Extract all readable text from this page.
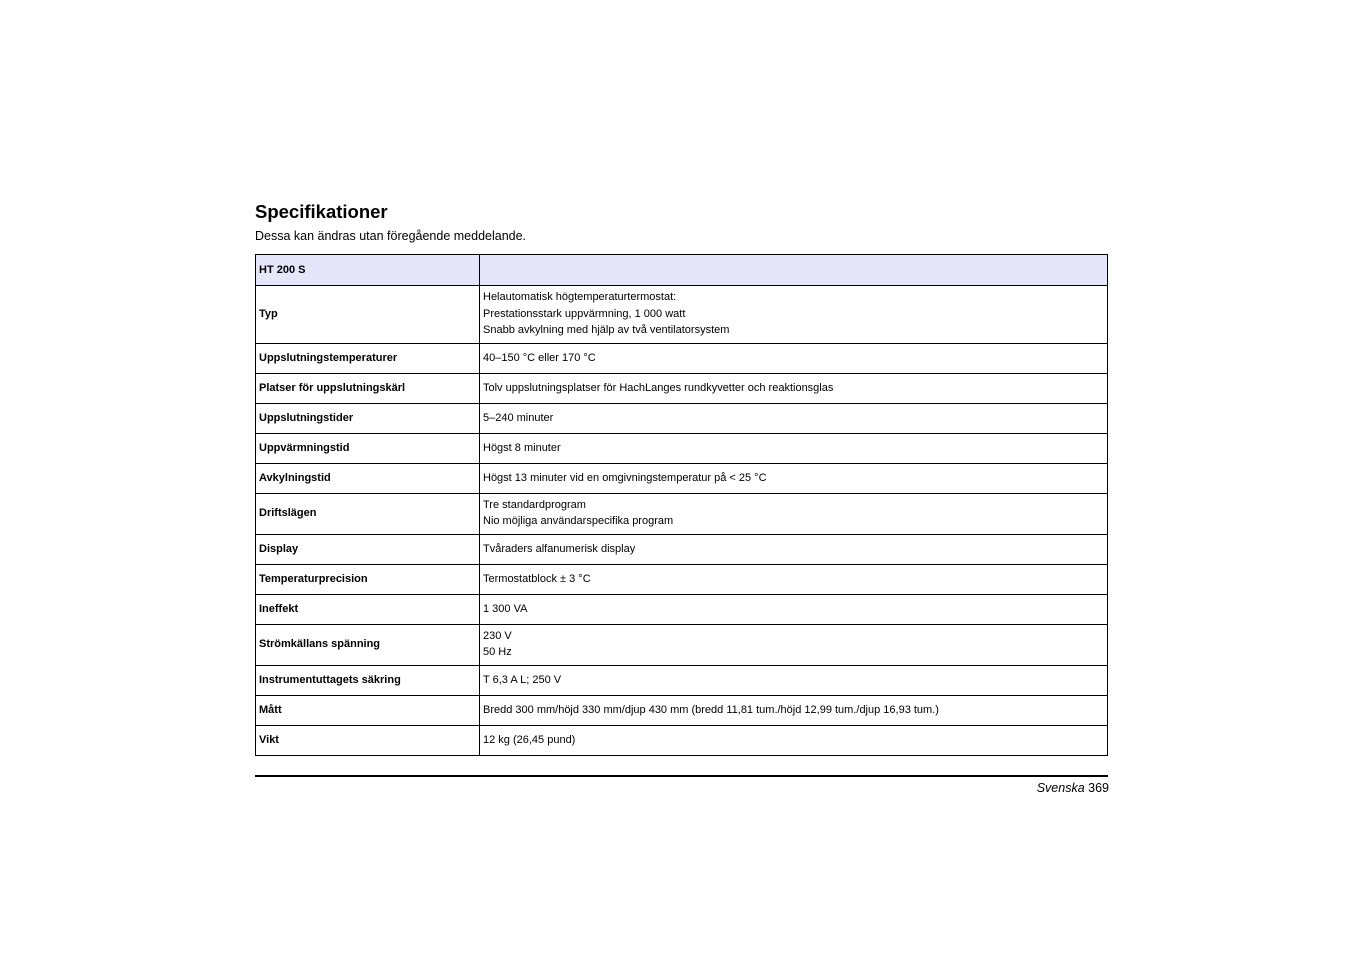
Specifikationer

Dessa kan ändras utan föregående meddelande.

HT 200 S	
Typ	Helautomatisk högtemperaturtermostat:
Prestationsstark uppvärmning, 1 000 watt
Snabb avkylning med hjälp av två ventilatorsystem

Uppslutningstemperaturer	40–150 °C eller 170 °C

Platser för uppslutningskärl	Tolv uppslutningsplatser för HachLanges rundkyvetter och reaktionsglas

Uppslutningstider	5–240 minuter

Uppvärmningstid	Högst 8 minuter

Avkylningstid	Högst 13 minuter vid en omgivningstemperatur på < 25 °C

Driftslägen	Tre standardprogram
Nio möjliga användarspecifika program

Display	Tvåraders alfanumerisk display

Temperaturprecision	Termostatblock ± 3 °C

Ineffekt	1 300 VA

Strömkällans spänning	230 V
50 Hz

Instrumentuttagets säkring	T 6,3 A L; 250 V

Mått	Bredd 300 mm/höjd 330 mm/djup 430 mm (bredd 11,81 tum./höjd 12,99 tum./djup 16,93 tum.)

Vikt	12 kg (26,45 pund)
Svenska 369
